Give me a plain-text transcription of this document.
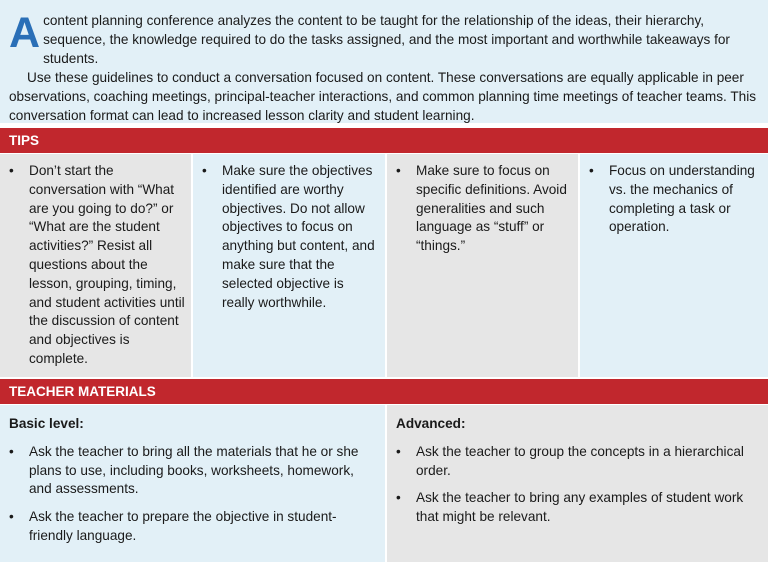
Acontent planning conference analyzes the content to be taught for the relationship of the ideas, their hierarchy, sequence, the knowledge required to do the tasks assigned, and the most important and worthwhile takeaways for students.

Use these guidelines to conduct a conversation focused on content. These conversations are equally applicable in peer observations, coaching meetings, principal-teacher interactions, and common planning time meetings of teacher teams. This conversation format can lead to increased lesson clarity and student learning.

TIPS
•	Don’t start the conversation with “What are you going to do?” or “What are the student activities?” Resist all questions about the lesson, grouping, timing, and student activities until the discussion of content and objectives is complete.
•	Make sure the objectives identified are worthy objectives. Do not allow objectives to focus on anything but content, and make sure that the selected objective is really worthwhile.
•	Make sure to focus on specific definitions. Avoid generalities and such language as “stuff” or “things.”
•	Focus on understanding vs. the mechanics of completing a task or operation.
TEACHER MATERIALS
Basic level:
•	Ask the teacher to bring all the materials that he or she plans to use, including books, worksheets, homework, and assessments.
•	Ask the teacher to prepare the objective in student-friendly language.
Advanced:
•	Ask the teacher to group the concepts in a hierarchical order.
•	Ask the teacher to bring any examples of student work that might be relevant.
